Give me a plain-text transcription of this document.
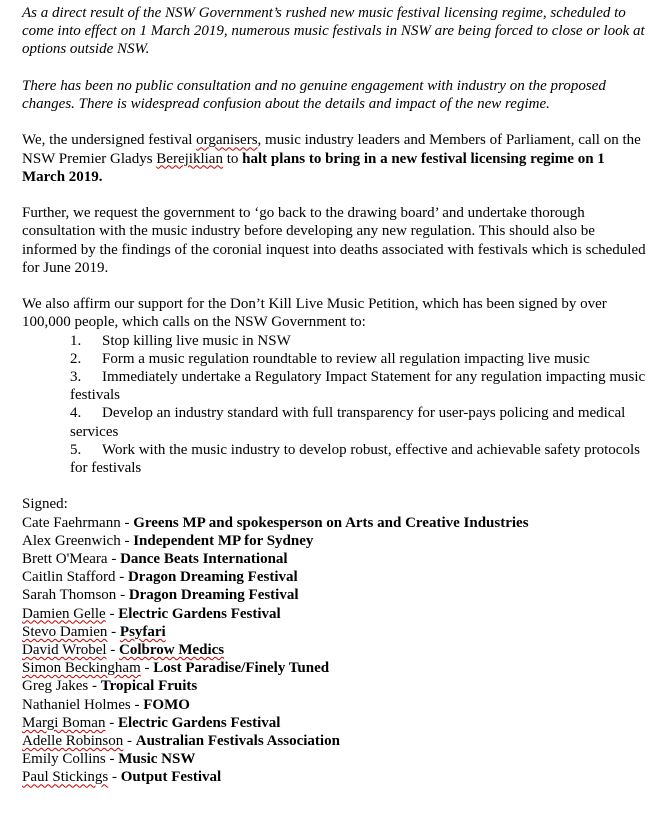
As a direct result of the NSW Government’s rushed new music festival licensing regime, scheduled to come into effect on 1 March 2019, numerous music festivals in NSW are being forced to close or look at options outside NSW.

There has been no public consultation and no genuine engagement with industry on the proposed changes. There is widespread confusion about the details and impact of the new regime.

We, the undersigned festival organisers, music industry leaders and Members of Parliament, call on the NSW Premier Gladys Berejiklian to halt plans to bring in a new festival licensing regime on 1 March 2019.

Further, we request the government to ‘go back to the drawing board’ and undertake thorough consultation with the music industry before developing any new regulation. This should also be informed by the findings of the coronial inquest into deaths associated with festivals which is scheduled for June 2019.

We also affirm our support for the Don’t Kill Live Music Petition, which has been signed by over 100,000 people, which calls on the NSW Government to:
1. Stop killing live music in NSW
2. Form a music regulation roundtable to review all regulation impacting live music
3. Immediately undertake a Regulatory Impact Statement for any regulation impacting music festivals
4. Develop an industry standard with full transparency for user-pays policing and medical services
5. Work with the music industry to develop robust, effective and achievable safety protocols for festivals
Signed:
Cate Faehrmann - Greens MP and spokesperson on Arts and Creative Industries
Alex Greenwich - Independent MP for Sydney
Brett O'Meara - Dance Beats International
Caitlin Stafford - Dragon Dreaming Festival
Sarah Thomson - Dragon Dreaming Festival
Damien Gelle - Electric Gardens Festival
Stevo Damien - Psyfari
David Wrobel - Colbrow Medics
Simon Beckingham - Lost Paradise/Finely Tuned
Greg Jakes - Tropical Fruits
Nathaniel Holmes - FOMO
Margi Boman - Electric Gardens Festival
Adelle Robinson - Australian Festivals Association
Emily Collins - Music NSW
Paul Stickings - Output Festival
